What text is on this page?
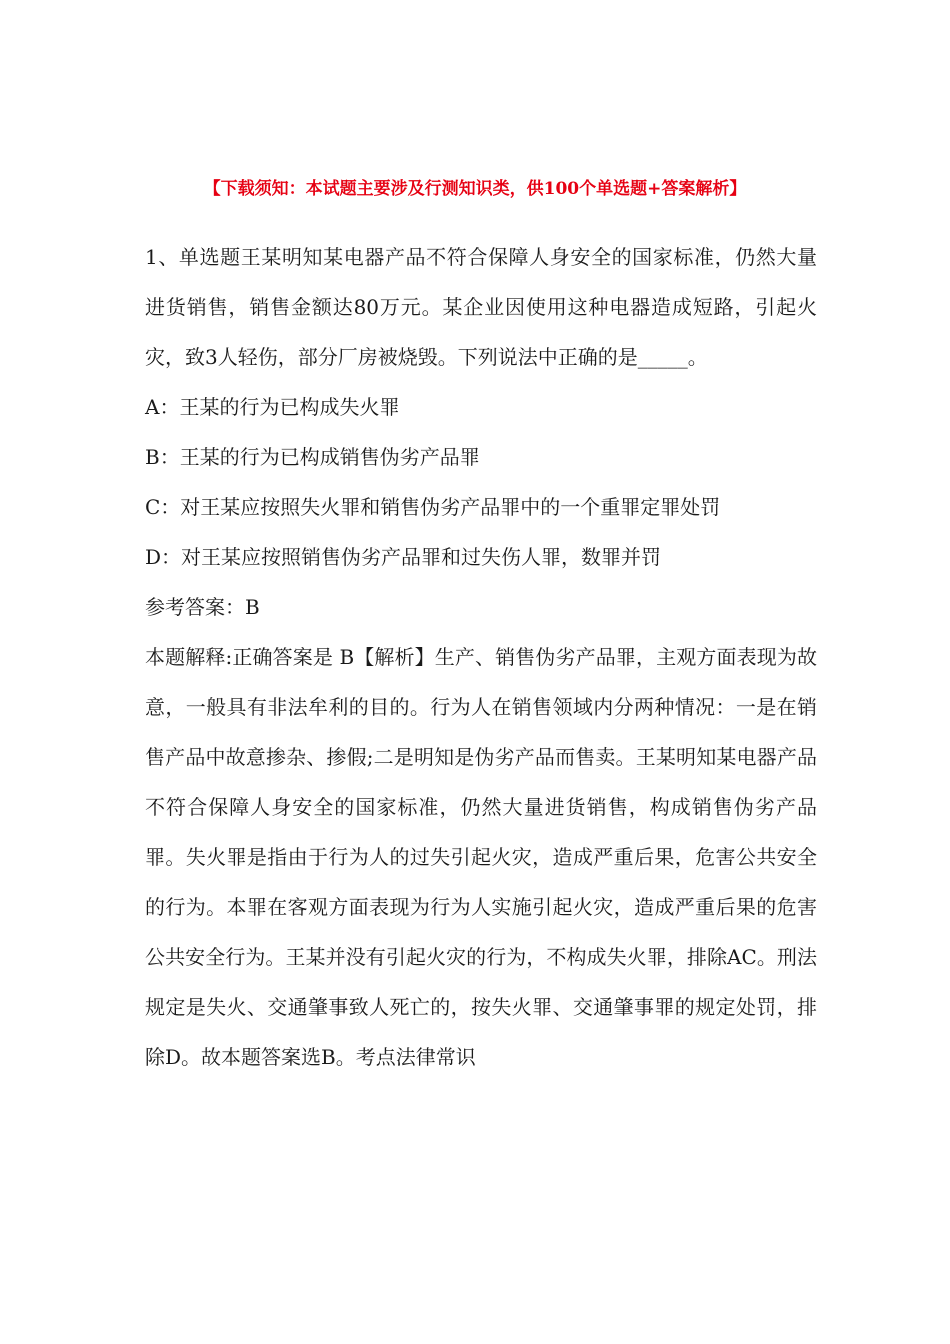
【下载须知：本试题主要涉及行测知识类，供100个单选题+答案解析】

1、单选题王某明知某电器产品不符合保障人身安全的国家标准，仍然大量进货销售，销售金额达80万元。某企业因使用这种电器造成短路，引起火灾，致3人轻伤，部分厂房被烧毁。下列说法中正确的是_____。

A：王某的行为已构成失火罪
B：王某的行为已构成销售伪劣产品罪
C：对王某应按照失火罪和销售伪劣产品罪中的一个重罪定罪处罚
D：对王某应按照销售伪劣产品罪和过失伤人罪，数罪并罚
参考答案：B

本题解释:正确答案是 B【解析】生产、销售伪劣产品罪，主观方面表现为故意，一般具有非法牟利的目的。行为人在销售领域内分两种情况：一是在销售产品中故意掺杂、掺假;二是明知是伪劣产品而售卖。王某明知某电器产品不符合保障人身安全的国家标准，仍然大量进货销售，构成销售伪劣产品罪。失火罪是指由于行为人的过失引起火灾，造成严重后果，危害公共安全的行为。本罪在客观方面表现为行为人实施引起火灾，造成严重后果的危害公共安全行为。王某并没有引起火灾的行为，不构成失火罪，排除AC。刑法规定是失火、交通肇事致人死亡的，按失火罪、交通肇事罪的规定处罚，排除D。故本题答案选B。考点法律常识
